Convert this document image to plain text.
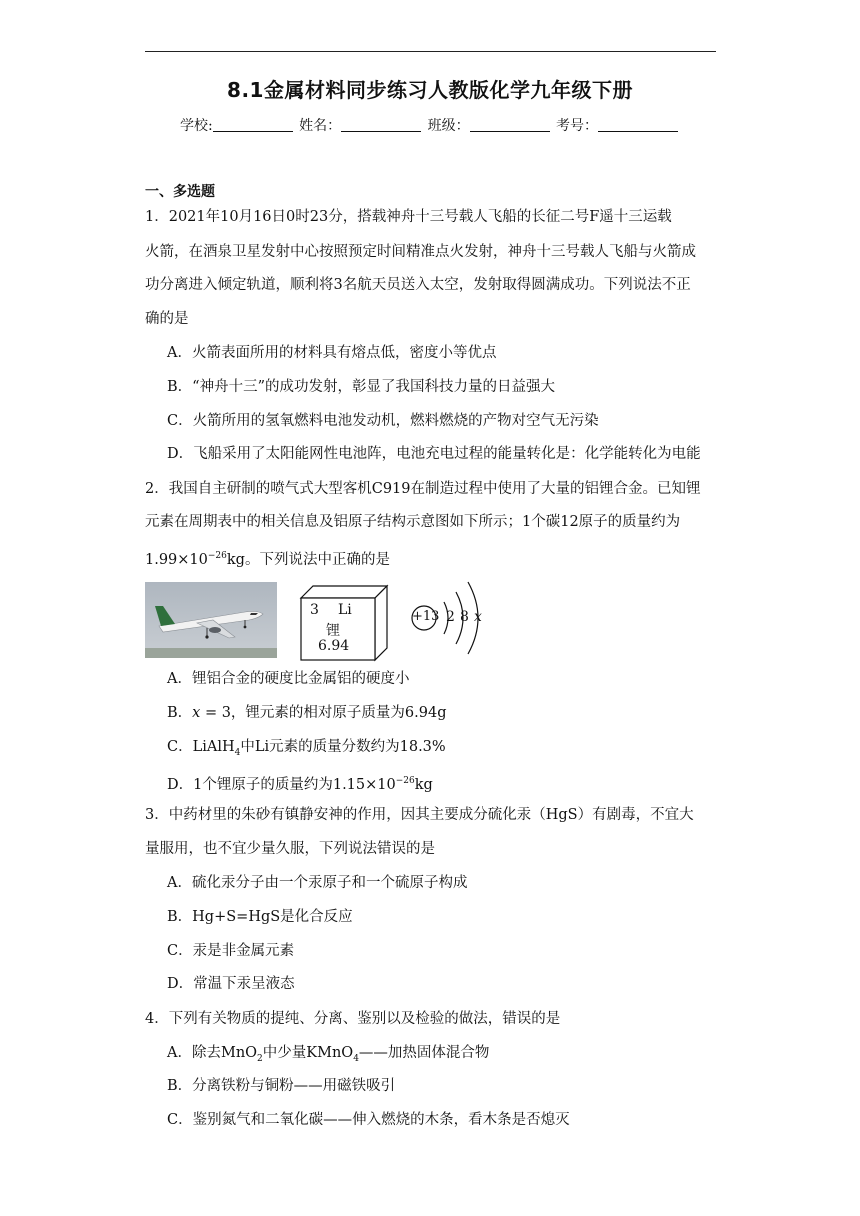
8.1金属材料同步练习人教版化学九年级下册
学校:	姓名：	班级：	考号：
一、多选题
1．2021年10月16日0时23分，搭载神舟十三号载人飞船的长征二号F遥十三运载
火箭，在酒泉卫星发射中心按照预定时间精准点火发射，神舟十三号载人飞船与火箭成
功分离进入倾定轨道，顺利将3名航天员送入太空，发射取得圆满成功。下列说法不正
确的是
A．火箭表面所用的材料具有熔点低，密度小等优点
B．“神舟十三”的成功发射，彰显了我国科技力量的日益强大
C．火箭所用的氢氧燃料电池发动机，燃料燃烧的产物对空气无污染
D．飞船采用了太阳能网性电池阵，电池充电过程的能量转化是：化学能转化为电能
2．我国自主研制的喷气式大型客机C919在制造过程中使用了大量的铝锂合金。已知锂
元素在周期表中的相关信息及铝原子结构示意图如下所示；1个碳12原子的质量约为
$1.99\times 10^{-26}kg$。下列说法中正确的是
3 Li
锂
6.94
+13 2 8 x
A．锂铝合金的硬度比金属铝的硬度小
B．x = 3，锂元素的相对原子质量为6.94g
C．LiAlH$_4$中Li元素的质量分数约为18.3%
D．1个锂原子的质量约为$1.15\times 10^{-26}kg$
3．中药材里的朱砂有镇静安神的作用，因其主要成分硫化汞（HgS）有剧毒，不宜大
量服用，也不宜少量久服，下列说法错误的是
A．硫化汞分子由一个汞原子和一个硫原子构成
B．Hg+S=HgS是化合反应
C．汞是非金属元素
D．常温下汞呈液态
4．下列有关物质的提纯、分离、鉴别以及检验的做法，错误的是
A．除去MnO$_2$中少量KMnO$_4$——加热固体混合物
B．分离铁粉与铜粉——用磁铁吸引
C．鉴别氮气和二氧化碳——伸入燃烧的木条，看木条是否熄灭
